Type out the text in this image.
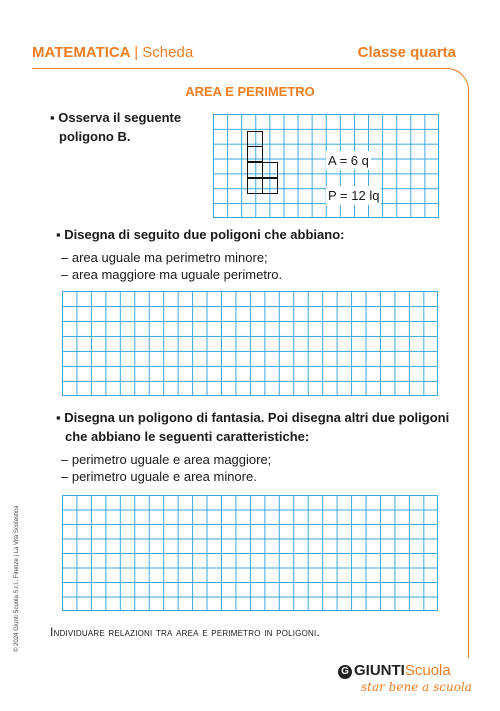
MATEMATICA | Scheda	Classe quarta
AREA E PERIMETRO
▪ Osserva il seguente
poligono B.
A = 6 q
P = 12 lq
▪ Disegna di seguito due poligoni che abbiano:
– area uguale ma perimetro minore;
– area maggiore ma uguale perimetro.
▪ Disegna un poligono di fantasia. Poi disegna altri due poligoni
che abbiano le seguenti caratteristiche:
– perimetro uguale e area maggiore;
– perimetro uguale e area minore.
Individuare relazioni tra area e perimetro in poligoni.
© 2024 Giunti Scuola S.r.l., Firenze | La Vita Scolastica
G GIUNTIScuola
star bene a scuola
